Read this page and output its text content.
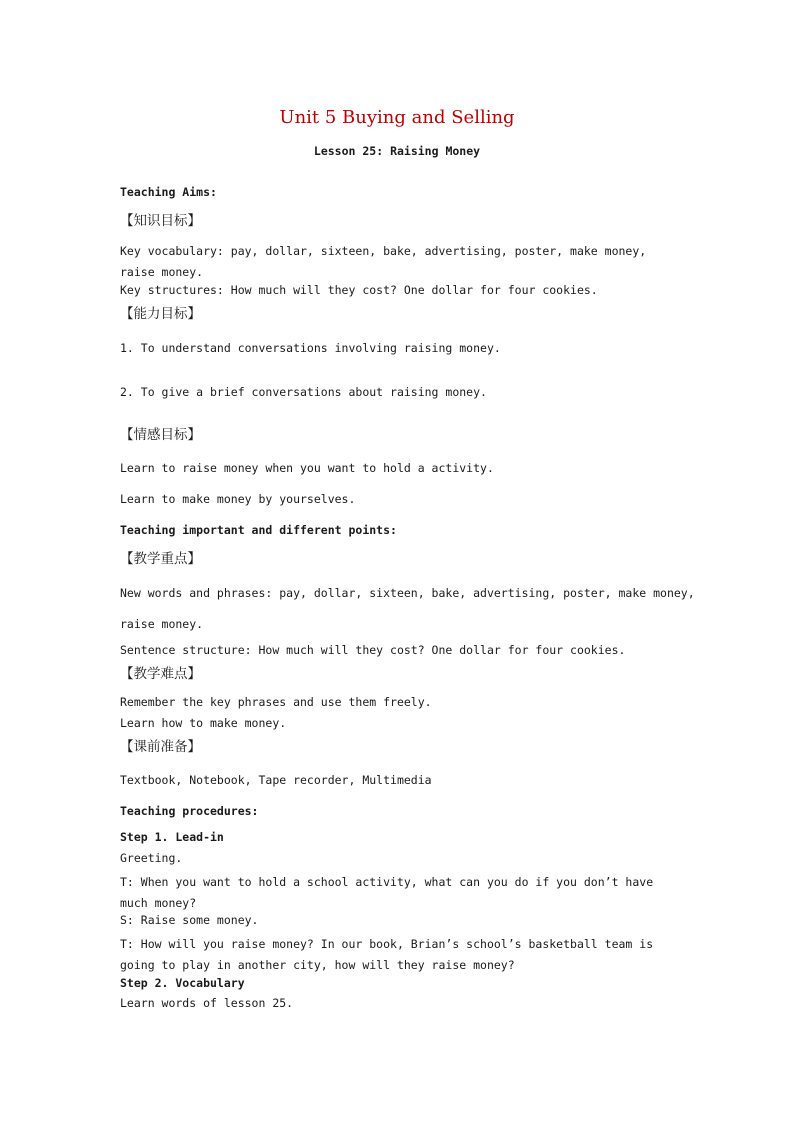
Unit 5 Buying and Selling
Lesson 25: Raising Money
Teaching Aims:
【知识目标】
Key vocabulary: pay, dollar, sixteen, bake, advertising, poster, make money, raise money.
Key structures: How much will they cost? One dollar for four cookies.
【能力目标】
1. To understand conversations involving raising money.
2. To give a brief conversations about raising money.
【情感目标】
Learn to raise money when you want to hold a activity.
Learn to make money by yourselves.
Teaching important and different points:
【教学重点】
New words and phrases: pay, dollar, sixteen, bake, advertising, poster, make money,
raise money.
Sentence structure: How much will they cost? One dollar for four cookies.
【教学难点】
Remember the key phrases and use them freely.
Learn how to make money.
【课前准备】
Textbook, Notebook, Tape recorder, Multimedia
Teaching procedures:
Step 1. Lead-in
Greeting.
T: When you want to hold a school activity, what can you do if you don’t have much money?
S: Raise some money.
T: How will you raise money? In our book, Brian’s school’s basketball team is going to play in another city, how will they raise money?
Step 2. Vocabulary
Learn words of lesson 25.
